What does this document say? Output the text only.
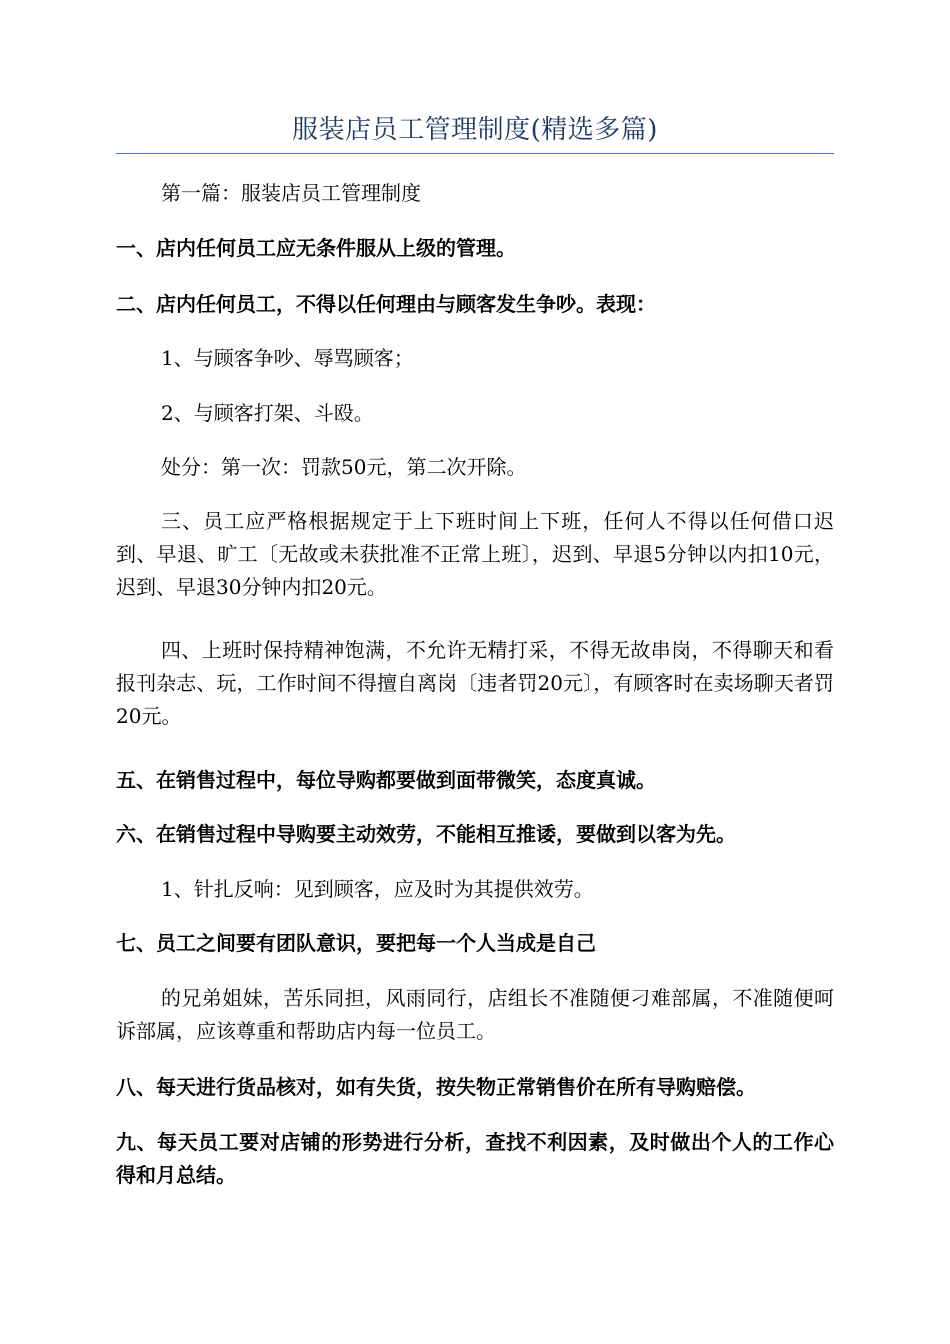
服装店员工管理制度(精选多篇)

第一篇：服装店员工管理制度

一、店内任何员工应无条件服从上级的管理。

二、店内任何员工，不得以任何理由与顾客发生争吵。表现：

1、与顾客争吵、辱骂顾客；

2、与顾客打架、斗殴。

处分：第一次：罚款50元，第二次开除。

三、员工应严格根据规定于上下班时间上下班，任何人不得以任何借口迟到、早退、旷工〔无故或未获批准不正常上班〕，迟到、早退5分钟以内扣10元，迟到、早退30分钟内扣20元。

四、上班时保持精神饱满，不允许无精打采，不得无故串岗，不得聊天和看报刊杂志、玩，工作时间不得擅自离岗〔违者罚20元〕，有顾客时在卖场聊天者罚20元。

五、在销售过程中，每位导购都要做到面带微笑，态度真诚。

六、在销售过程中导购要主动效劳，不能相互推诿，要做到以客为先。

1、针扎反响：见到顾客，应及时为其提供效劳。

七、员工之间要有团队意识，要把每一个人当成是自己

的兄弟姐妹，苦乐同担，风雨同行，店组长不准随便刁难部属，不准随便呵诉部属，应该尊重和帮助店内每一位员工。

八、每天进行货品核对，如有失货，按失物正常销售价在所有导购赔偿。

九、每天员工要对店铺的形势进行分析，查找不利因素，及时做出个人的工作心得和月总结。
